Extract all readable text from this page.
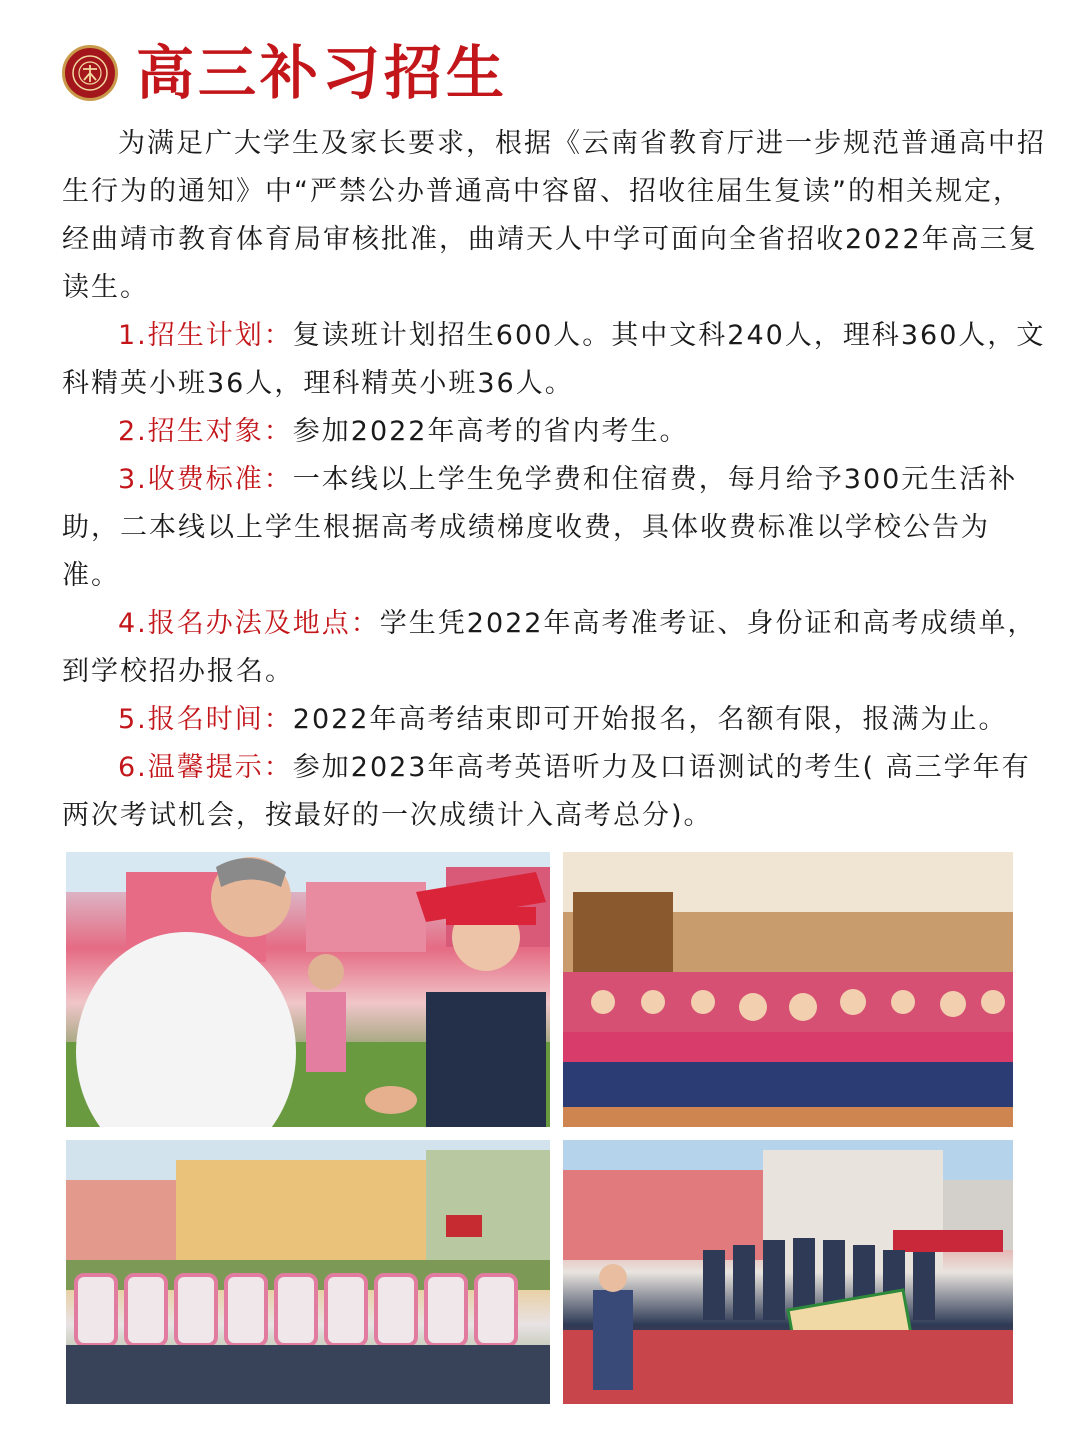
高三补习招生

为满足广大学生及家长要求，根据《云南省教育厅进一步规范普通高中招生行为的通知》中“严禁公办普通高中容留、招收往届生复读”的相关规定，经曲靖市教育体育局审核批准，曲靖天人中学可面向全省招收2022年高三复读生。

1.招生计划：复读班计划招生600人。其中文科240人，理科360人，文科精英小班36人，理科精英小班36人。

2.招生对象：参加2022年高考的省内考生。

3.收费标准：一本线以上学生免学费和住宿费，每月给予300元生活补助，二本线以上学生根据高考成绩梯度收费，具体收费标准以学校公告为准。

4.报名办法及地点：学生凭2022年高考准考证、身份证和高考成绩单，到学校招办报名。

5.报名时间：2022年高考结束即可开始报名，名额有限，报满为止。

6.温馨提示：参加2023年高考英语听力及口语测试的考生( 高三学年有两次考试机会，按最好的一次成绩计入高考总分)。
